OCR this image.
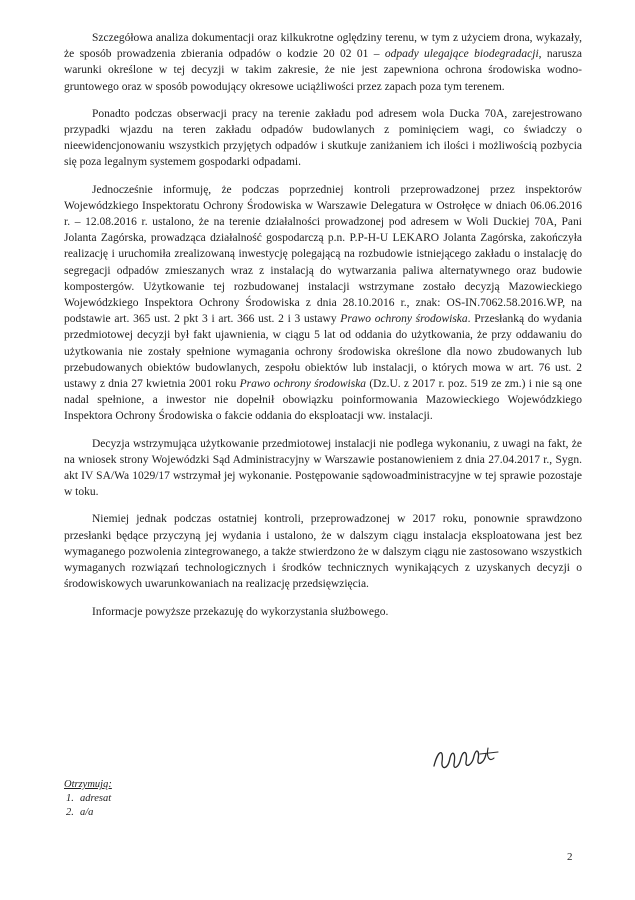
Szczegółowa analiza dokumentacji oraz kilkukrotne oględziny terenu, w tym z użyciem drona, wykazały, że sposób prowadzenia zbierania odpadów o kodzie 20 02 01 – odpady ulegające biodegradacji, narusza warunki określone w tej decyzji w takim zakresie, że nie jest zapewniona ochrona środowiska wodno-gruntowego oraz w sposób powodujący okresowe uciążliwości przez zapach poza tym terenem.

Ponadto podczas obserwacji pracy na terenie zakładu pod adresem wola Ducka 70A, zarejestrowano przypadki wjazdu na teren zakładu odpadów budowlanych z pominięciem wagi, co świadczy o nieewidencjonowaniu wszystkich przyjętych odpadów i skutkuje zaniżaniem ich ilości i możliwością pozbycia się poza legalnym systemem gospodarki odpadami.

Jednocześnie informuję, że podczas poprzedniej kontroli przeprowadzonej przez inspektorów Wojewódzkiego Inspektoratu Ochrony Środowiska w Warszawie Delegatura w Ostrołęce w dniach 06.06.2016 r. – 12.08.2016 r. ustalono, że na terenie działalności prowadzonej pod adresem w Woli Duckiej 70A, Pani Jolanta Zagórska, prowadząca działalność gospodarczą p.n. P.P-H-U LEKARO Jolanta Zagórska, zakończyła realizację i uruchomiła zrealizowaną inwestycję polegającą na rozbudowie istniejącego zakładu o instalację do segregacji odpadów zmieszanych wraz z instalacją do wytwarzania paliwa alternatywnego oraz budowie kompostergów. Użytkowanie tej rozbudowanej instalacji wstrzymane zostało decyzją Mazowieckiego Wojewódzkiego Inspektora Ochrony Środowiska z dnia 28.10.2016 r., znak: OS-IN.7062.58.2016.WP, na podstawie art. 365 ust. 2 pkt 3 i art. 366 ust. 2 i 3 ustawy Prawo ochrony środowiska. Przesłanką do wydania przedmiotowej decyzji był fakt ujawnienia, w ciągu 5 lat od oddania do użytkowania, że przy oddawaniu do użytkowania nie zostały spełnione wymagania ochrony środowiska określone dla nowo zbudowanych lub przebudowanych obiektów budowlanych, zespołu obiektów lub instalacji, o których mowa w art. 76 ust. 2 ustawy z dnia 27 kwietnia 2001 roku Prawo ochrony środowiska (Dz.U. z 2017 r. poz. 519 ze zm.) i nie są one nadal spełnione, a inwestor nie dopełnił obowiązku poinformowania Mazowieckiego Wojewódzkiego Inspektora Ochrony Środowiska o fakcie oddania do eksploatacji ww. instalacji.

Decyzja wstrzymująca użytkowanie przedmiotowej instalacji nie podlega wykonaniu, z uwagi na fakt, że na wniosek strony Wojewódzki Sąd Administracyjny w Warszawie postanowieniem z dnia 27.04.2017 r., Sygn. akt IV SA/Wa 1029/17 wstrzymał jej wykonanie. Postępowanie sądowoadministracyjne w tej sprawie pozostaje w toku.

Niemiej jednak podczas ostatniej kontroli, przeprowadzonej w 2017 roku, ponownie sprawdzono przesłanki będące przyczyną jej wydania i ustalono, że w dalszym ciągu instalacja eksploatowana jest bez wymaganego pozwolenia zintegrowanego, a także stwierdzono że w dalszym ciągu nie zastosowano wszystkich wymaganych rozwiązań technologicznych i środków technicznych wynikających z uzyskanych decyzji o środowiskowych uwarunkowaniach na realizację przedsięwzięcia.

Informacje powyższe przekazuję do wykorzystania służbowego.

Otrzymują:
1. adresat
2. a/a
2
